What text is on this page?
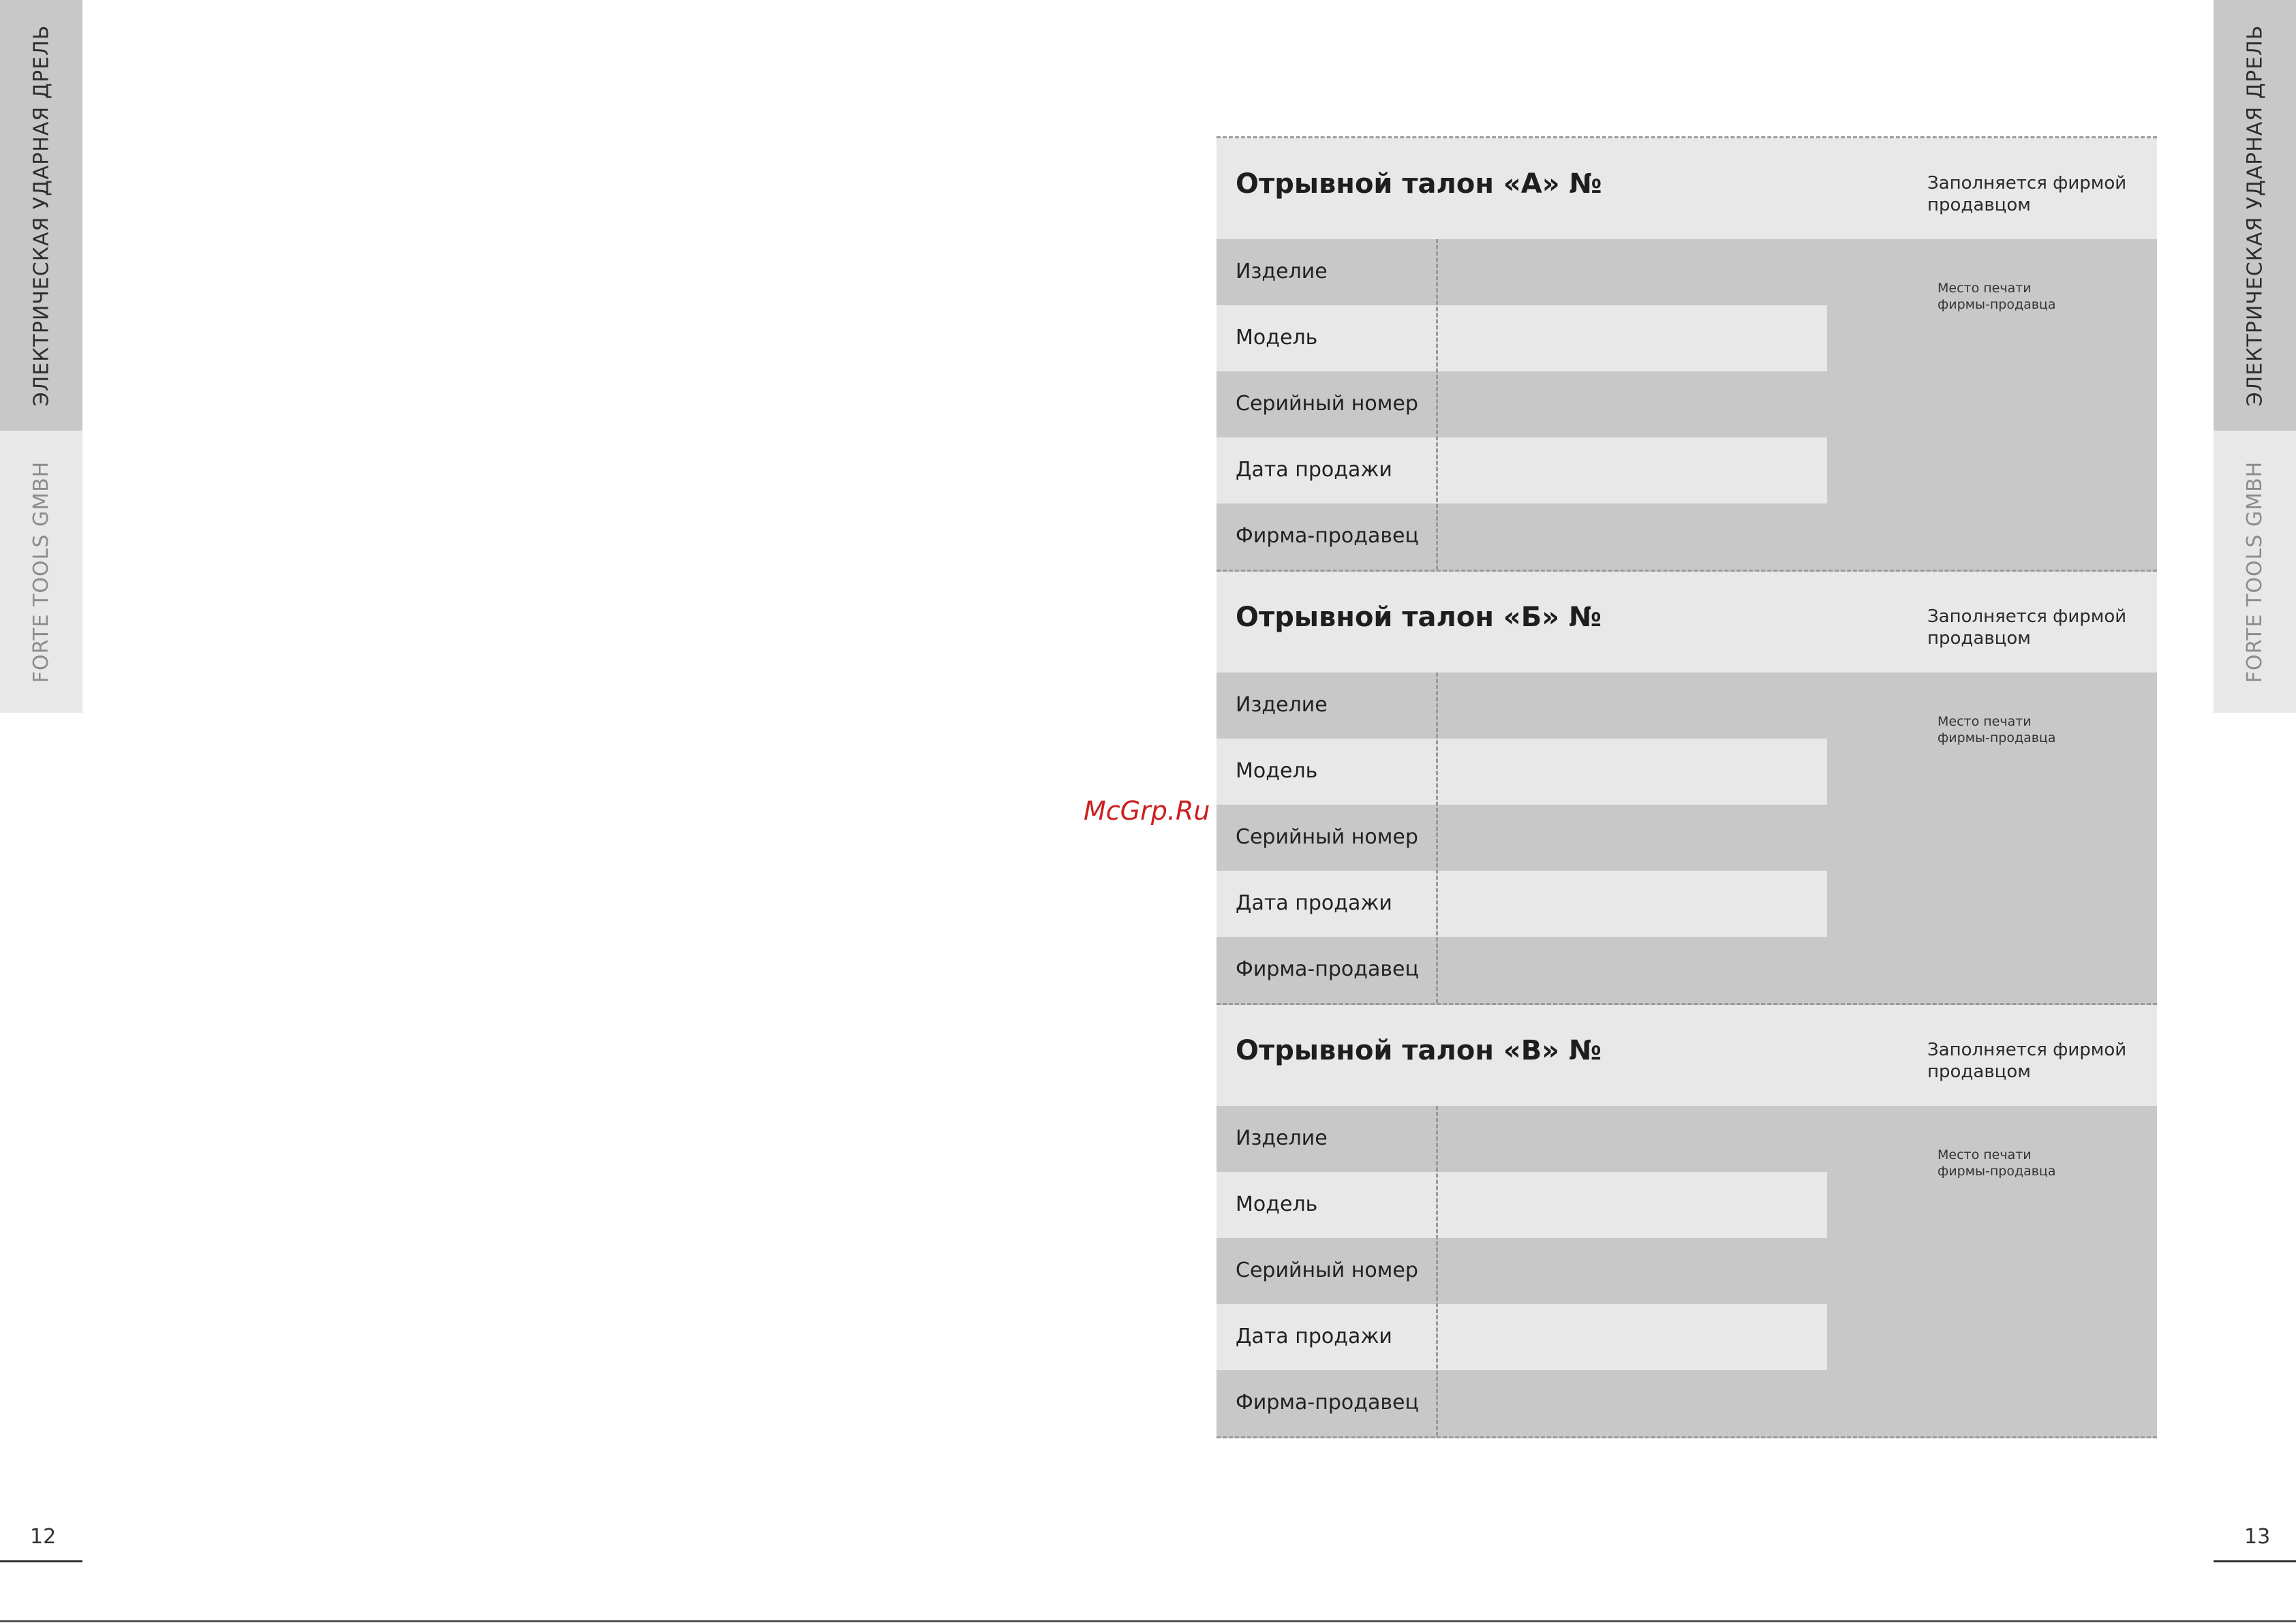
ЭЛЕКТРИЧЕСКАЯ УДАРНАЯ ДРЕЛЬ
FORTE TOOLS GMBH
12
ЭЛЕКТРИЧЕСКАЯ УДАРНАЯ ДРЕЛЬ
FORTE TOOLS GMBH
13
McGrp.Ru
Отрывной талон «А» №	Заполняется фирмой продавцом
Изделие
Модель
Серийный номер
Дата продажи
Фирма-продавец
Место печати фирмы-продавца
Отрывной талон «Б» №	Заполняется фирмой продавцом
Изделие
Модель
Серийный номер
Дата продажи
Фирма-продавец
Место печати фирмы-продавца
Отрывной талон «В» №	Заполняется фирмой продавцом
Изделие
Модель
Серийный номер
Дата продажи
Фирма-продавец
Место печати фирмы-продавца
